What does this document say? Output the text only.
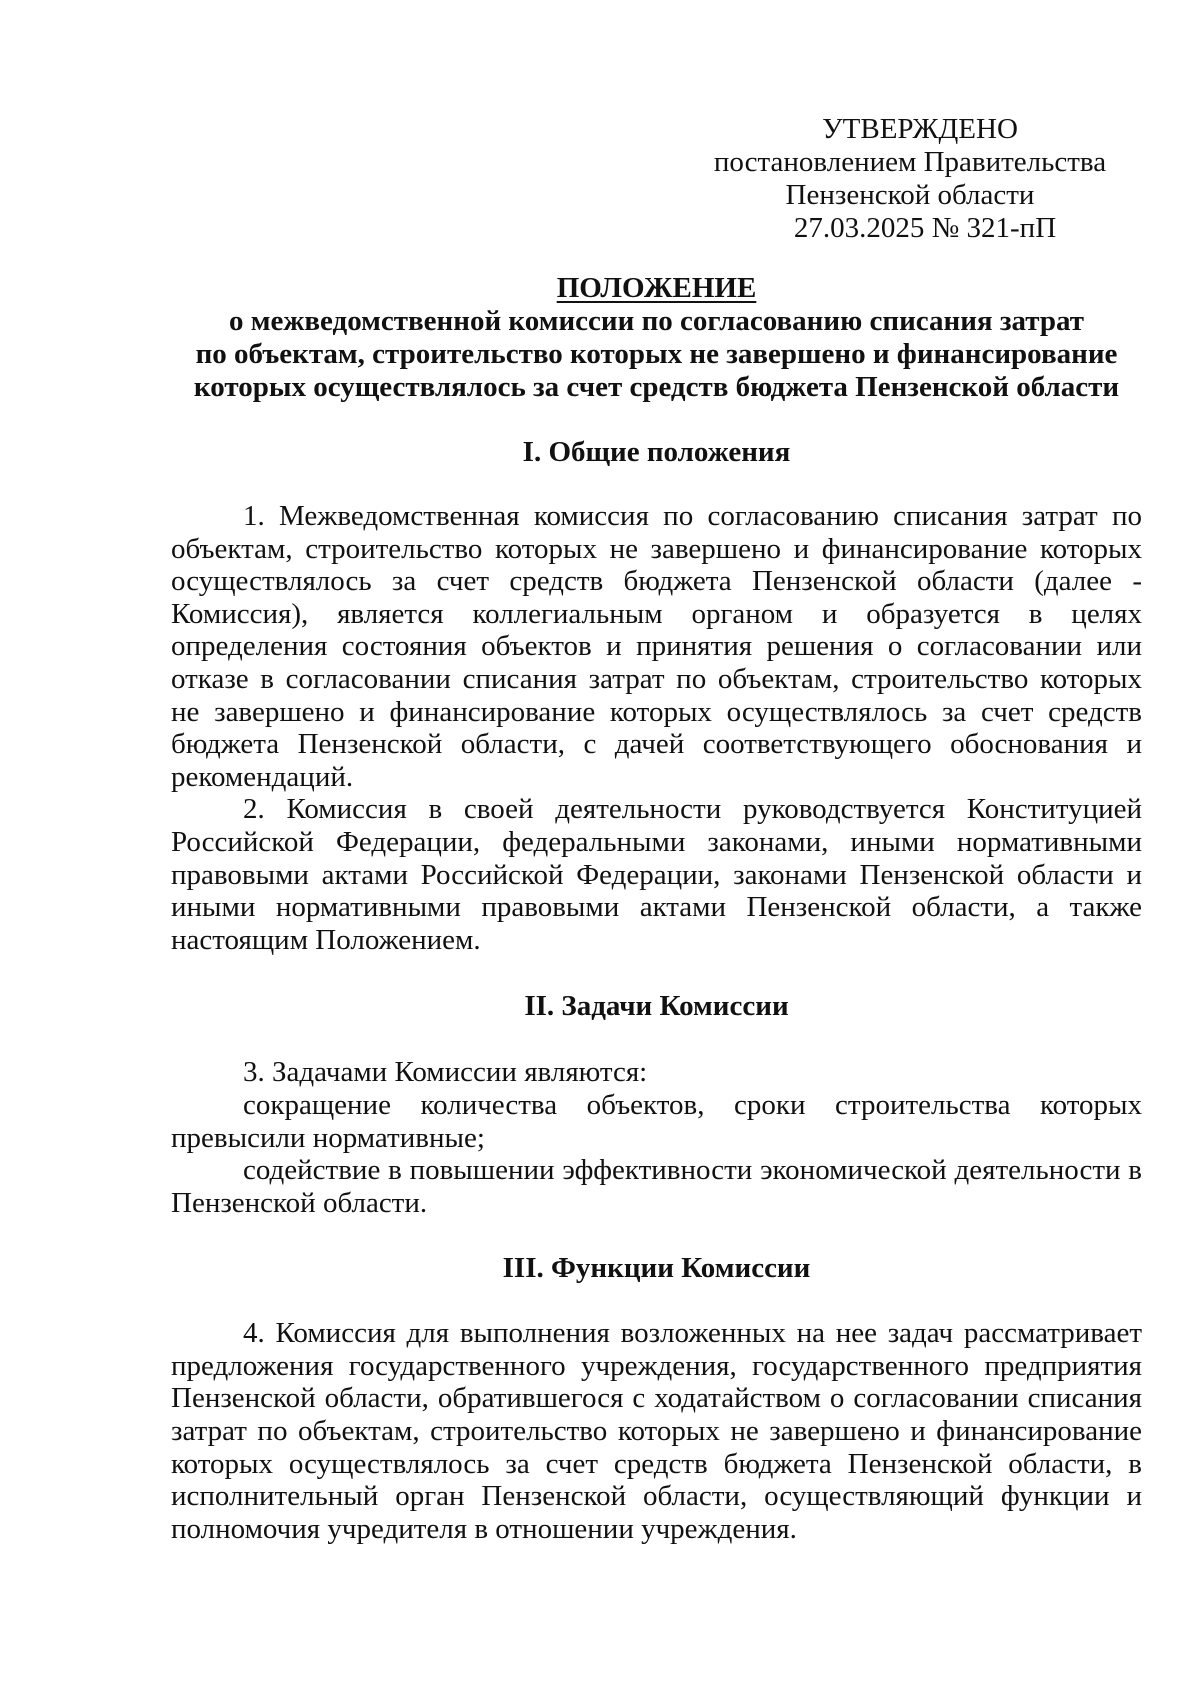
УТВЕРЖДЕНО
постановлением Правительства
Пензенской области
27.03.2025 № 321-пП
ПОЛОЖЕНИЕ
о межведомственной комиссии по согласованию списания затрат
по объектам, строительство которых не завершено и финансирование
которых осуществлялось за счет средств бюджета Пензенской области
I. Общие положения

1. Межведомственная комиссия по согласованию списания затрат по объектам, строительство которых не завершено и финансирование которых осуществлялось за счет средств бюджета Пензенской области (далее - Комиссия), является коллегиальным органом и образуется в целях определения состояния объектов и принятия решения о согласовании или отказе в согласовании списания затрат по объектам, строительство которых не завершено и финансирование которых осуществлялось за счет средств бюджета Пензенской области, с дачей соответствующего обоснования и рекомендаций.

2. Комиссия в своей деятельности руководствуется Конституцией Российской Федерации, федеральными законами, иными нормативными правовыми актами Российской Федерации, законами Пензенской области и иными нормативными правовыми актами Пензенской области, а также настоящим Положением.

II. Задачи Комиссии

3. Задачами Комиссии являются:

сокращение количества объектов, сроки строительства которых превысили нормативные;

содействие в повышении эффективности экономической деятельности в Пензенской области.

III. Функции Комиссии

4. Комиссия для выполнения возложенных на нее задач рассматривает предложения государственного учреждения, государственного предприятия Пензенской области, обратившегося с ходатайством о согласовании списания затрат по объектам, строительство которых не завершено и финансирование которых осуществлялось за счет средств бюджета Пензенской области, в исполнительный орган Пензенской области, осуществляющий функции и полномочия учредителя в отношении учреждения.
